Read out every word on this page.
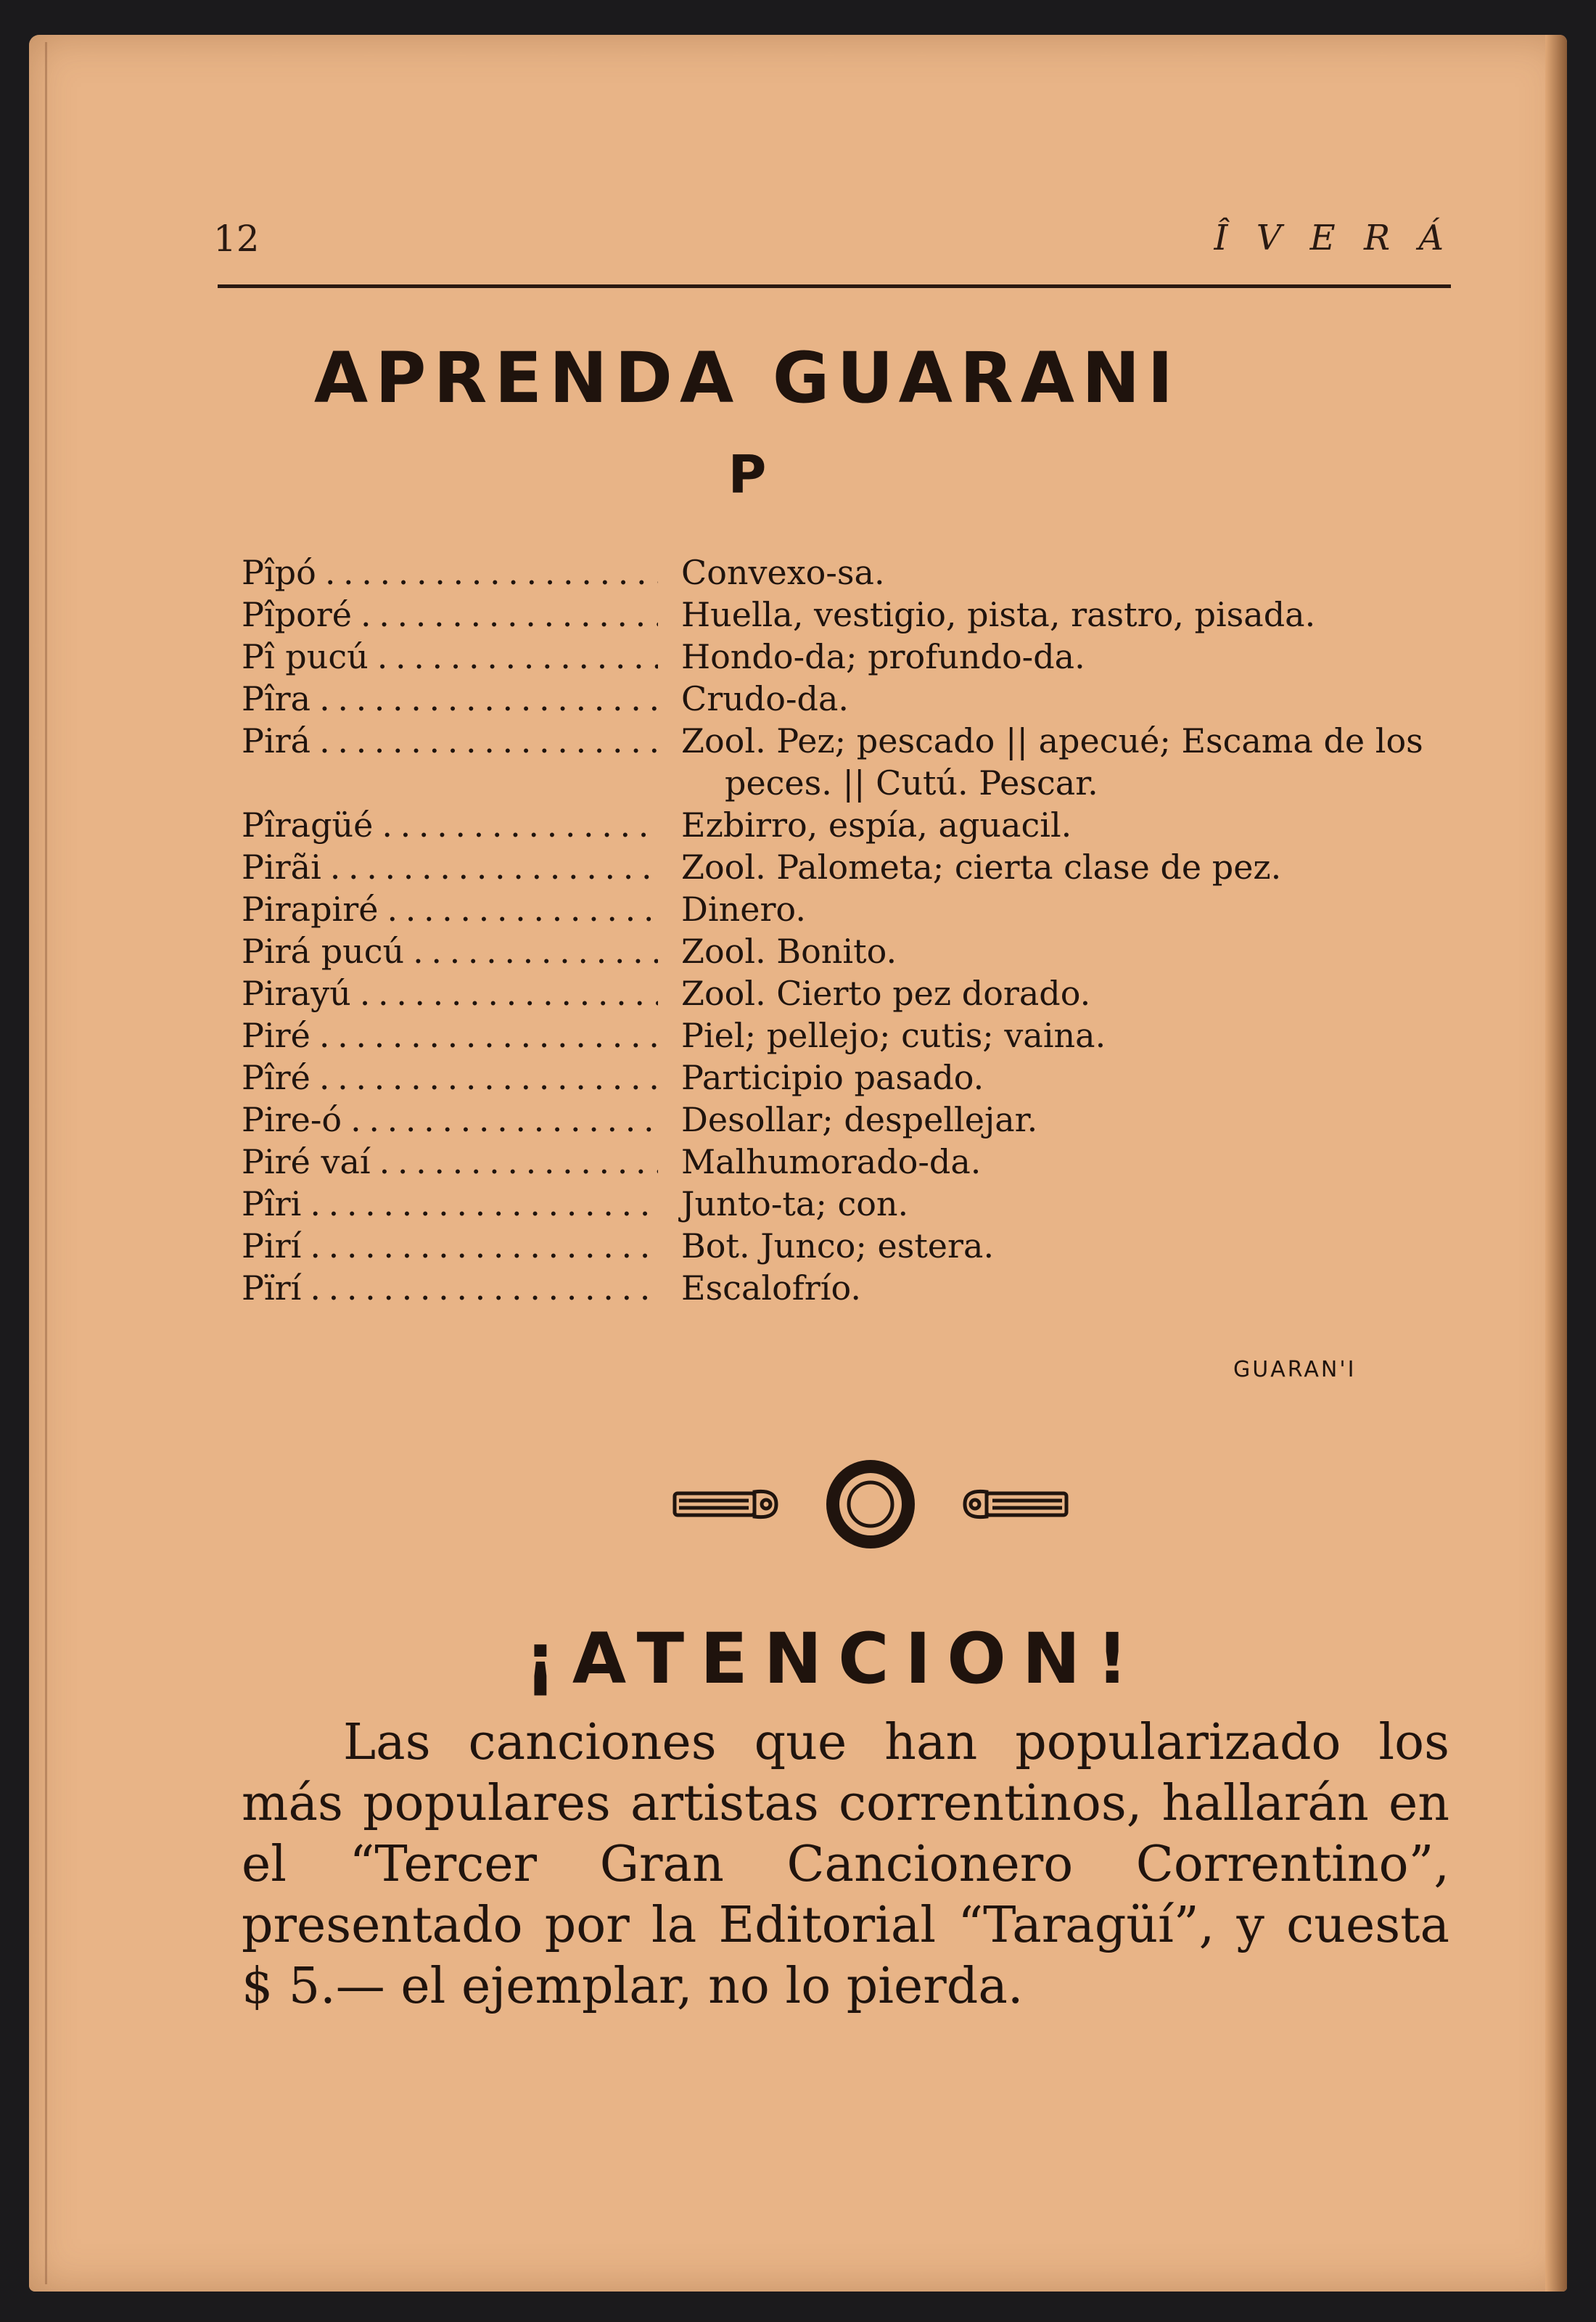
12	Î V E R Á
APRENDA GUARANI
P
Pîpó . . .	Convexo-sa.
Pîporé . . .	Huella, vestigio, pista, rastro, pisada.
Pî pucú . . .	Hondo-da; profundo-da.
Pîra . . .	Crudo-da.
Pirá . . .	Zool. Pez; pescado || apecué; Escama de los
peces. || Cutú. Pescar.
Pîragüé . . .	Ezbirro, espía, aguacil.
Pirãi . . .	Zool. Palometa; cierta clase de pez.
Pirapiré . . .	Dinero.
Pirá pucú . . .	Zool. Bonito.
Pirayú . . .	Zool. Cierto pez dorado.
Piré . . .	Piel; pellejo; cutis; vaina.
Pîré . . .	Participio pasado.
Pire-ó . . .	Desollar; despellejar.
Piré vaí . . .	Malhumorado-da.
Pîri . . .	Junto-ta; con.
Pirí . . .	Bot. Junco; estera.
Pïrí . . .	Escalofrío.
GUARAN'I
¡ATENCION!
Las canciones que han popularizado los más populares artistas correntinos, hallarán en el “Tercer Gran Cancionero Correntino”, presentado por la Editorial “Taragüí”, y cuesta $ 5.— el ejemplar, no lo pierda.
